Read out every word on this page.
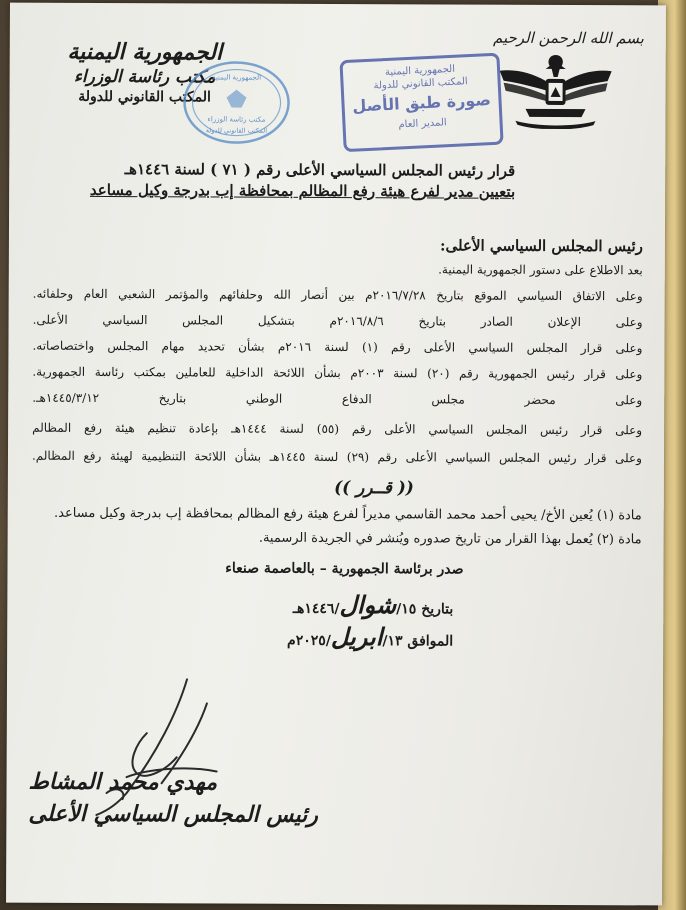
بسم الله الرحمن الرحيم
الجمهورية اليمنية
مكتب رئاسة الوزراء
المكتب القانوني للدولة
الجمهورية اليمنية
مكتب رئاسة الوزراء
المكتب القانوني للدولة
الجمهورية اليمنية
المكتب القانوني للدولة
صورة طبق الأصل
المدير العام
قرار رئيس المجلس السياسي الأعلى رقم ( ٧١ ) لسنة ١٤٤٦هـ
بتعيين مدير لفرع هيئة رفع المظالم بمحافظة إب بدرجة وكيل مساعد
رئيس المجلس السياسي الأعلى:
بعد الاطلاع على دستور الجمهورية اليمنية.
وعلى الاتفاق السياسي الموقع بتاريخ ٢٠١٦/٧/٢٨م بين أنصار الله وحلفائهم والمؤتمر الشعبي العام وحلفائه.
وعلى الإعلان الصادر بتاريخ ٢٠١٦/٨/٦م بتشكيل المجلس السياسي الأعلى.
وعلى قرار المجلس السياسي الأعلى رقم (١) لسنة ٢٠١٦م بشأن تحديد مهام المجلس واختصاصاته.
وعلى قرار رئيس الجمهورية رقم (٢٠) لسنة ٢٠٠٣م بشأن اللائحة الداخلية للعاملين بمكتب رئاسة الجمهورية.
وعلى محضر مجلس الدفاع الوطني بتاريخ ١٤٤٥/٣/١٢هـ.
وعلى قرار رئيس المجلس السياسي الأعلى رقم (٥٥) لسنة ١٤٤٤هـ بإعادة تنظيم هيئة رفع المظالم
وعلى قرار رئيس المجلس السياسي الأعلى رقم (٢٩) لسنة ١٤٤٥هـ بشأن اللائحة التنظيمية لهيئة رفع المظالم.
(( قــرر ))
مادة (١) يُعين الأخ/ يحيى أحمد محمد القاسمي مديراً لفرع هيئة رفع المظالم بمحافظة إب بدرجة وكيل مساعد.
مادة (٢) يُعمل بهذا القرار من تاريخ صدوره ويُنشر في الجريدة الرسمية.
صدر برئاسة الجمهورية – بالعاصمة صنعاء
بتاريخ ١٥/شوال/١٤٤٦هـ
الموافق ١٣/ابريل/٢٠٢٥م
مهدي محمد المشاط
رئيس المجلس السياسي الأعلى
